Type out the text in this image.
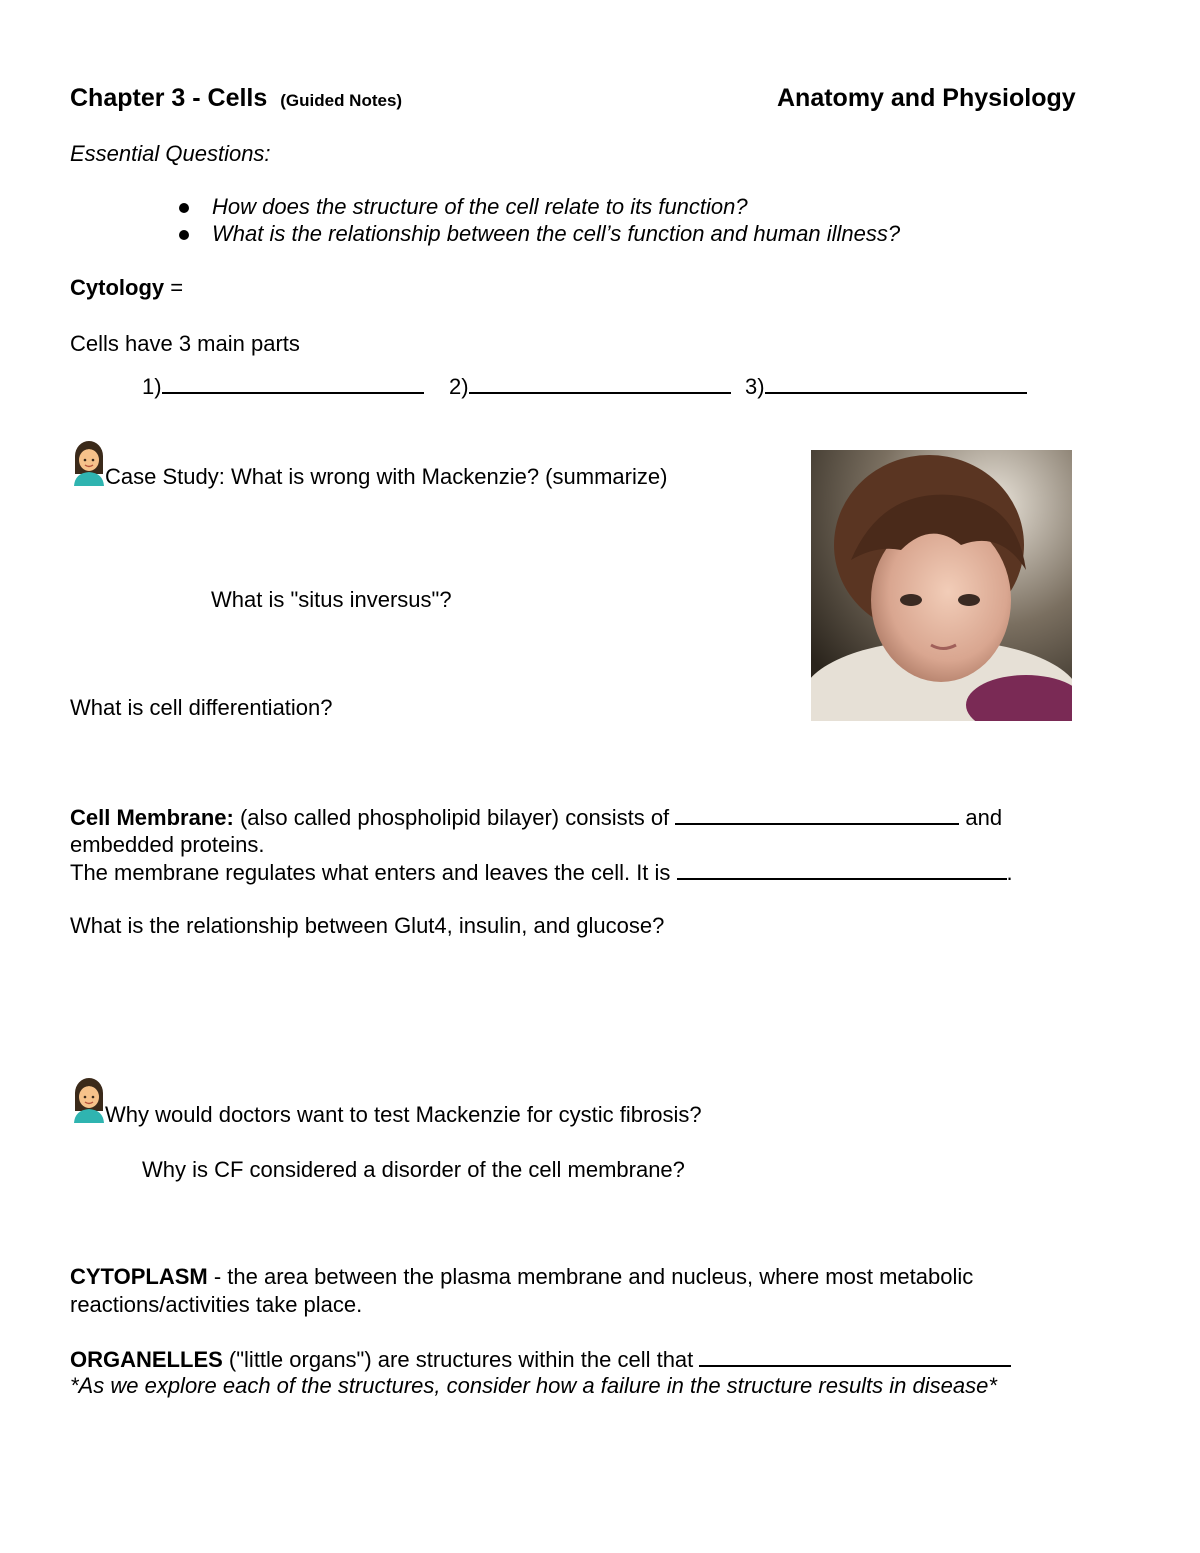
Chapter 3 - Cells (Guided Notes)	Anatomy and Physiology
Essential Questions:
How does the structure of the cell relate to its function?
What is the relationship between the cell’s function and human illness?
Cytology =
Cells have 3 main parts
1)	2)	3)
Case Study: What is wrong with Mackenzie? (summarize)
What is "situs inversus"?
What is cell differentiation?
Cell Membrane: (also called phospholipid bilayer) consists of	and
embedded proteins.
The membrane regulates what enters and leaves the cell. It is	.
What is the relationship between Glut4, insulin, and glucose?
Why would doctors want to test Mackenzie for cystic fibrosis?
Why is CF considered a disorder of the cell membrane?
CYTOPLASM - the area between the plasma membrane and nucleus, where most metabolic
reactions/activities take place.
ORGANELLES ("little organs") are structures within the cell that
*As we explore each of the structures, consider how a failure in the structure results in disease*
